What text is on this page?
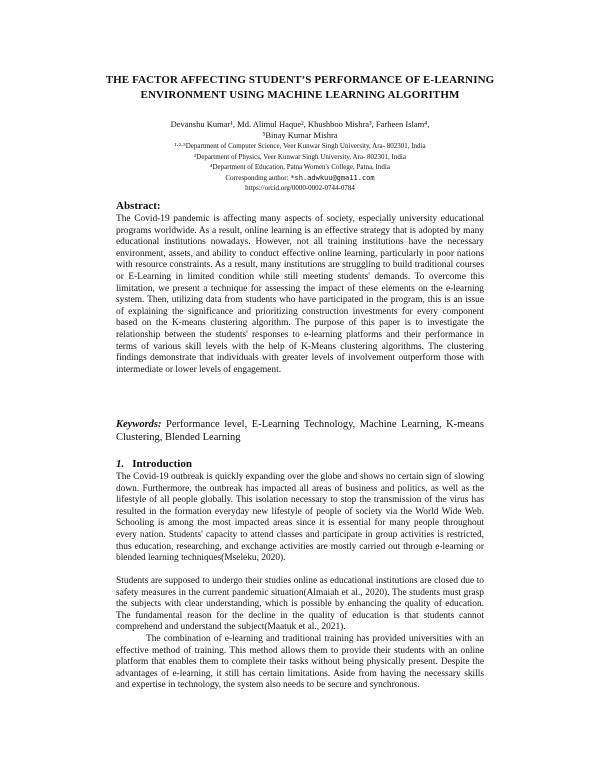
THE FACTOR AFFECTING STUDENT’S PERFORMANCE OF E-LEARNING
ENVIRONMENT USING MACHINE LEARNING ALGORITHM
Devanshu Kumar¹, Md. Alimul Haque², Khushboo Mishra³, Farheen Islam⁴,
⁵Binay Kumar Mishra
¹·²·⁵Department of Computer Science, Veer Kunwar Singh University, Ara- 802301, India
³Department of Physics, Veer Kunwar Singh University, Ara- 802301, India
⁴Department of Education, Patna Women's College, Patna, India
Corresponding author: *sh.adwkuu@gma11.com
https://orcid.org/0000-0002-0744-0784
Abstract:
The Covid-19 pandemic is affecting many aspects of society, especially university educational programs worldwide. As a result, online learning is an effective strategy that is adopted by many educational institutions nowadays. However, not all training institutions have the necessary environment, assets, and ability to conduct effective online learning, particularly in poor nations with resource constraints. As a result, many institutions are struggling to build traditional courses or E-Learning in limited condition while still meeting students' demands. To overcome this limitation, we present a technique for assessing the impact of these elements on the e-learning system. Then, utilizing data from students who have participated in the program, this is an issue of explaining the significance and prioritizing construction investments for every component based on the K-means clustering algorithm. The purpose of this paper is to investigate the relationship between the students' responses to e-learning platforms and their performance in terms of various skill levels with the help of K-Means clustering algorithms. The clustering findings demonstrate that individuals with greater levels of involvement outperform those with intermediate or lower levels of engagement.
Keywords: Performance level, E-Learning Technology, Machine Learning, K-means Clustering, Blended Learning
1. Introduction
The Covid-19 outbreak is quickly expanding over the globe and shows no certain sign of slowing down. Furthermore, the outbreak has impacted all areas of business and politics, as well as the lifestyle of all people globally. This isolation necessary to stop the transmission of the virus has resulted in the formation everyday new lifestyle of people of society via the World Wide Web. Schooling is among the most impacted areas since it is essential for many people throughout every nation. Students' capacity to attend classes and participate in group activities is restricted, thus education, researching, and exchange activities are mostly carried out through e-learning or blended learning techniques(Mseleku, 2020).
Students are supposed to undergo their studies online as educational institutions are closed due to safety measures in the current pandemic situation(Almaiah et al., 2020). The students must grasp the subjects with clear understanding, which is possible by enhancing the quality of education. The fundamental reason for the decline in the quality of education is that students cannot comprehend and understand the subject(Maatuk et al., 2021).
The combination of e-learning and traditional training has provided universities with an effective method of training. This method allows them to provide their students with an online platform that enables them to complete their tasks without being physically present. Despite the advantages of e-learning, it still has certain limitations. Aside from having the necessary skills and expertise in technology, the system also needs to be secure and synchronous.
